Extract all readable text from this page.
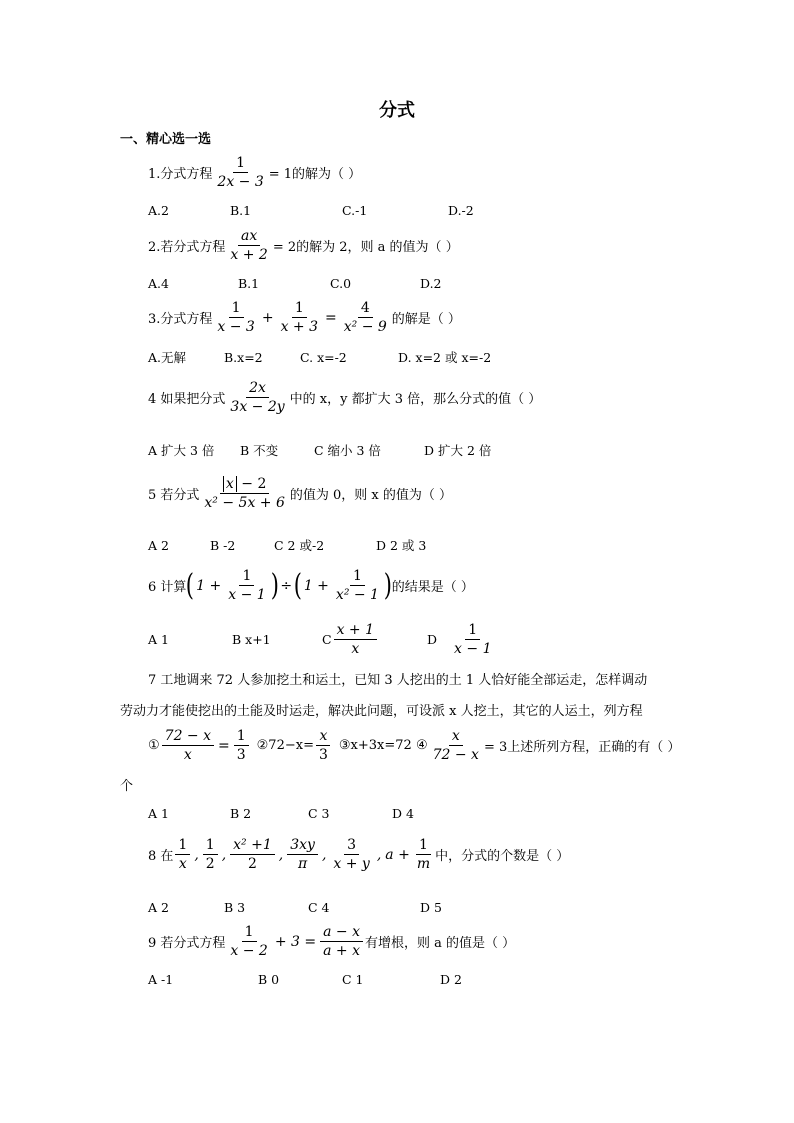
分式
一、精心选一选
1.分式方程 $\frac{1}{2x - 3} = 1$的解为（ ）
A.2	B.1	C.-1	D.-2
2.若分式方程 $\frac{ax}{x + 2} = 2$的解为 2，则 a 的值为（ ）
A.4	B.1	C.0	D.2
3.分式方程 $\frac{1}{x - 3} + \frac{1}{x + 3} = \frac{4}{\text{x² − 9}}$ 的解是（ ）
A.无解	B.x=2	C. x=-2	D. x=2 或 x=-2
4 如果把分式 $\frac{2x}{3x - 2y}$ 中的 x，y 都扩大 3 倍，那么分式的值（ ）
A 扩大 3 倍 B 不变	C 缩小 3 倍	D 扩大 2 倍
5 若分式 $\frac{x - 2}{\text{x² − 5x + 6}}$ 的值为 0，则 x 的值为（ ）
A 2	B -2	C 2 或-2	D 2 或 3
6 计算 ( $1 + \frac{1}{x - 1}$ ) ÷ ( $1 + \frac{1}{\text{x² − 1}}$ ) 的结果是（ ）
A 1	B x+1	C $\frac{x + 1}{x}$	D $\frac{1}{x - 1}$
7 工地调来 72 人参加挖土和运土，已知 3 人挖出的土 1 人恰好能全部运走，怎样调动
劳动力才能使挖出的土能及时运走，解决此问题，可设派 x 人挖土，其它的人运土，列方程
① $\frac{72 - x}{x} = \frac{1}{3}$ ②72−x= $\frac{x}{3}$ ③x+3x=72 ④ $\frac{x}{72 - x} = 3$上述所列方程，正确的有（ ）
个
A 1	B 2	C 3	D 4
8 在 $\frac{1}{x}$ , $\frac{1}{2}$ , $\frac{\text{x² +1}}{2}$ , $\frac{3xy}{\pi}$ , $\frac{3}{x + y}$ , $a + \frac{1}{m}$ 中，分式的个数是（ ）
A 2	B 3	C 4	D 5
9 若分式方程 $\frac{1}{x - 2} + 3 = \frac{a - x}{a + x}$ 有增根，则 a 的值是（ ）
A -1	B 0	C 1	D 2
